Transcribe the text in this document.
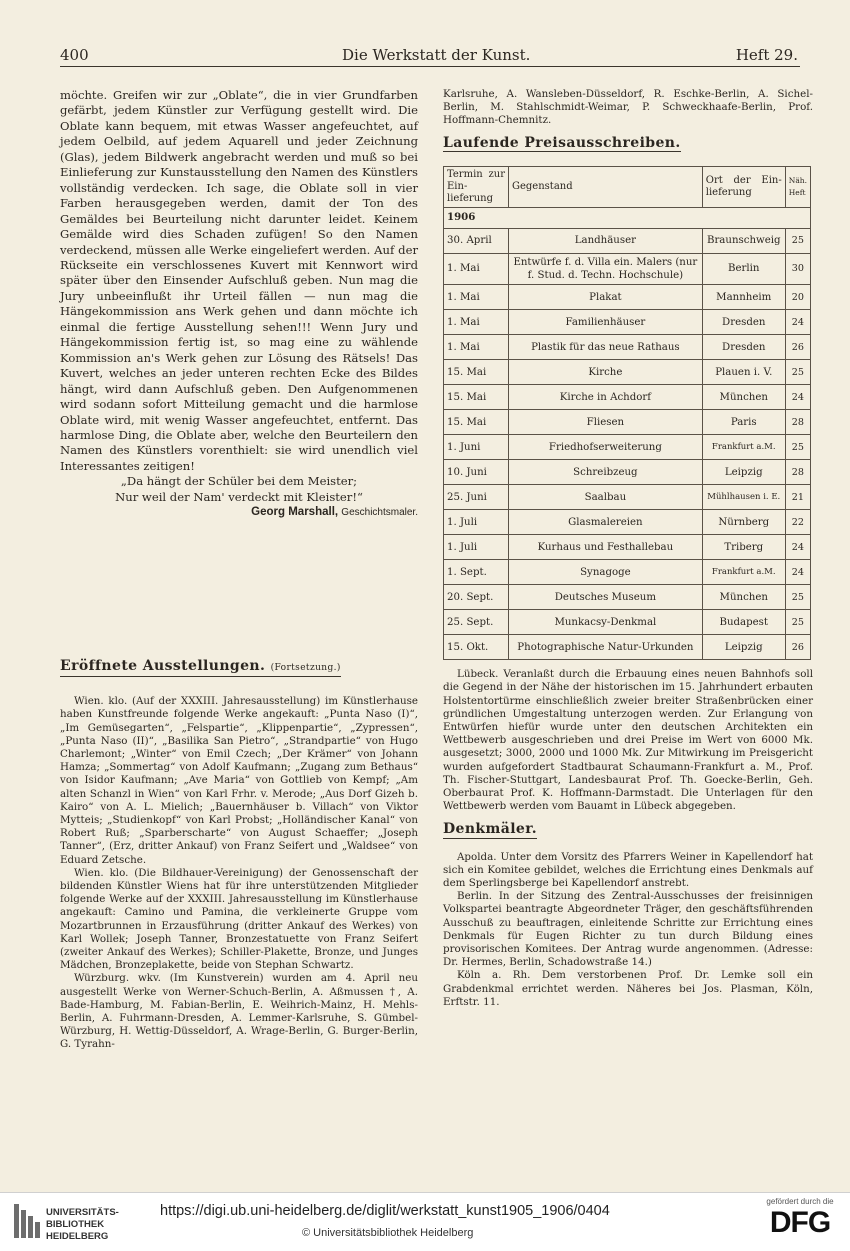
400	Die Werkstatt der Kunst.	Heft 29.

möchte. Greifen wir zur „Oblate“, die in vier Grundfarben gefärbt, jedem Künstler zur Verfügung gestellt wird. Die Oblate kann bequem, mit etwas Wasser angefeuchtet, auf jedem Oelbild, auf jedem Aquarell und jeder Zeichnung (Glas), jedem Bildwerk angebracht werden und muß so bei Einlieferung zur Kunstausstellung den Namen des Künstlers vollständig verdecken. Ich sage, die Oblate soll in vier Farben herausgegeben werden, damit der Ton des Gemäldes bei Beurteilung nicht darunter leidet. Keinem Gemälde wird dies Schaden zufügen! So den Namen verdeckend, müssen alle Werke eingeliefert werden. Auf der Rückseite ein verschlossenes Kuvert mit Kennwort wird später über den Einsender Aufschluß geben. Nun mag die Jury unbeeinflußt ihr Urteil fällen — nun mag die Hängekommission ans Werk gehen und dann möchte ich einmal die fertige Ausstellung sehen!!! Wenn Jury und Hängekommission fertig ist, so mag eine zu wählende Kommission an's Werk gehen zur Lösung des Rätsels! Das Kuvert, welches an jeder unteren rechten Ecke des Bildes hängt, wird dann Aufschluß geben. Den Aufgenommenen wird sodann sofort Mitteilung gemacht und die harmlose Oblate wird, mit wenig Wasser angefeuchtet, entfernt. Das harmlose Ding, die Oblate aber, welche den Beurteilern den Namen des Künstlers vorenthielt: sie wird unendlich viel Interessantes zeitigen!

„Da hängt der Schüler bei dem Meister;

Nur weil der Nam' verdeckt mit Kleister!“

Georg Marshall, Geschichtsmaler.
Eröffnete Ausstellungen. (Fortsetzung.)

Wien. klo. (Auf der XXXIII. Jahresausstellung) im Künstlerhause haben Kunstfreunde folgende Werke angekauft: „Punta Naso (I)“, „Im Gemüsegarten“, „Felspartie“, „Klippenpartie“, „Zypressen“, „Punta Naso (II)“, „Basilika San Pietro“, „Strandpartie“ von Hugo Charlemont; „Winter“ von Emil Czech; „Der Krämer“ von Johann Hamza; „Sommertag“ von Adolf Kaufmann; „Zugang zum Bethaus“ von Isidor Kaufmann; „Ave Maria“ von Gottlieb von Kempf; „Am alten Schanzl in Wien“ von Karl Frhr. v. Merode; „Aus Dorf Gizeh b. Kairo“ von A. L. Mielich; „Bauernhäuser b. Villach“ von Viktor Mytteis; „Studienkopf“ von Karl Probst; „Holländischer Kanal“ von Robert Ruß; „Sparberscharte“ von August Schaeffer; „Joseph Tanner“, (Erz, dritter Ankauf) von Franz Seifert und „Waldsee“ von Eduard Zetsche.

Wien. klo. (Die Bildhauer-Vereinigung) der Genossenschaft der bildenden Künstler Wiens hat für ihre unterstützenden Mitglieder folgende Werke auf der XXXIII. Jahresausstellung im Künstlerhause angekauft: Camino und Pamina, die verkleinerte Gruppe vom Mozartbrunnen in Erzausführung (dritter Ankauf des Werkes) von Karl Wollek; Joseph Tanner, Bronzestatuette von Franz Seifert (zweiter Ankauf des Werkes); Schiller-Plakette, Bronze, und Junges Mädchen, Bronzeplakette, beide von Stephan Schwartz.

Würzburg. wkv. (Im Kunstverein) wurden am 4. April neu ausgestellt Werke von Werner-Schuch-Berlin, A. Aßmussen †, A. Bade-Hamburg, M. Fabian-Berlin, E. Weihrich-Mainz, H. Mehls-Berlin, A. Fuhrmann-Dresden, A. Lemmer-Karlsruhe, S. Gümbel-Würzburg, H. Wettig-Düsseldorf, A. Wrage-Berlin, G. Burger-Berlin, G. Tyrahn-

Karlsruhe, A. Wansleben-Düsseldorf, R. Eschke-Berlin, A. Sichel-Berlin, M. Stahlschmidt-Weimar, P. Schweckhaafe-Berlin, Prof. Hoffmann-Chemnitz.

Laufende Preisausschreiben.
Termin zur Ein-lieferung	Gegenstand	Ort der Ein-lieferung	Näh. Heft
1906			
30. April	Landhäuser	Braunschweig	25
1. Mai	Entwürfe f. d. Villa ein. Malers (nur f. Stud. d. Techn. Hochschule)	Berlin	30
1. Mai	Plakat	Mannheim	20
1. Mai	Familienhäuser	Dresden	24
1. Mai	Plastik für das neue Rathaus	Dresden	26
15. Mai	Kirche	Plauen i. V.	25
15. Mai	Kirche in Achdorf	München	24
15. Mai	Fliesen	Paris	28
1. Juni	Friedhofserweiterung	Frankfurt a.M.	25
10. Juni	Schreibzeug	Leipzig	28
25. Juni	Saalbau	Mühlhausen i. E.	21
1. Juli	Glasmalereien	Nürnberg	22
1. Juli	Kurhaus und Festhallebau	Triberg	24
1. Sept.	Synagoge	Frankfurt a.M.	24
20. Sept.	Deutsches Museum	München	25
25. Sept.	Munkacsy-Denkmal	Budapest	25
15. Okt.	Photographische Natur-Urkunden	Leipzig	26

Lübeck. Veranlaßt durch die Erbauung eines neuen Bahnhofs soll die Gegend in der Nähe der historischen im 15. Jahrhundert erbauten Holstentortürme einschließlich zweier breiter Straßenbrücken einer gründlichen Umgestaltung unterzogen werden. Zur Erlangung von Entwürfen hiefür wurde unter den deutschen Architekten ein Wettbewerb ausgeschrieben und drei Preise im Wert von 6000 Mk. ausgesetzt; 3000, 2000 und 1000 Mk. Zur Mitwirkung im Preisgericht wurden aufgefordert Stadtbaurat Schaumann-Frankfurt a. M., Prof. Th. Fischer-Stuttgart, Landesbaurat Prof. Th. Goecke-Berlin, Geh. Oberbaurat Prof. K. Hoffmann-Darmstadt. Die Unterlagen für den Wettbewerb werden vom Bauamt in Lübeck abgegeben.

Denkmäler.

Apolda. Unter dem Vorsitz des Pfarrers Weiner in Kapellendorf hat sich ein Komitee gebildet, welches die Errichtung eines Denkmals auf dem Sperlingsberge bei Kapellendorf anstrebt.

Berlin. In der Sitzung des Zentral-Ausschusses der freisinnigen Volkspartei beantragte Abgeordneter Träger, den geschäftsführenden Ausschuß zu beauftragen, einleitende Schritte zur Errichtung eines Denkmals für Eugen Richter zu tun durch Bildung eines provisorischen Komitees. Der Antrag wurde angenommen. (Adresse: Dr. Hermes, Berlin, Schadowstraße 14.)

Köln a. Rh. Dem verstorbenen Prof. Dr. Lemke soll ein Grabdenkmal errichtet werden. Näheres bei Jos. Plasman, Köln, Erftstr. 11.

UNIVERSITÄTS-
BIBLIOTHEK
HEIDELBERG
https://digi.ub.uni-heidelberg.de/diglit/werkstatt_kunst1905_1906/0404
© Universitätsbibliothek Heidelberg
gefördert durch die
DFG
